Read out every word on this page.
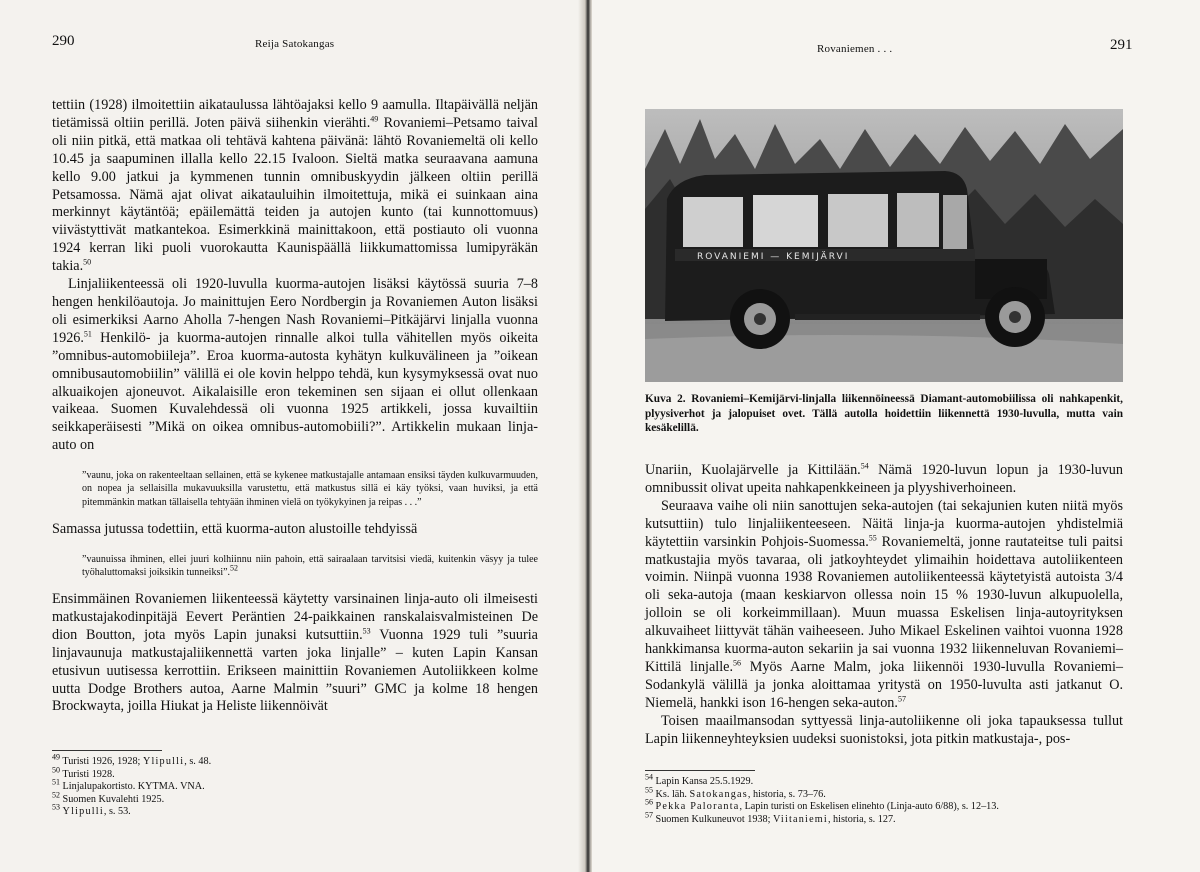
290	Reija Satokangas

tettiin (1928) ilmoitettiin aikataulussa lähtöajaksi kello 9 aamulla. Iltapäivällä neljän tietämissä oltiin perillä. Joten päivä siihenkin vierähti.$^{49}$ Rovaniemi–Petsamo taival oli niin pitkä, että matkaa oli tehtävä kahtena päivänä: lähtö Rovaniemeltä oli kello 10.45 ja saapuminen illalla kello 22.15 Ivaloon. Sieltä matka seuraavana aamuna kello 9.00 jatkui ja kymmenen tunnin omnibuskyydin jälkeen oltiin perillä Petsamossa. Nämä ajat olivat aikatauluihin ilmoitettuja, mikä ei suinkaan aina merkinnyt käytäntöä; epäilemättä teiden ja autojen kunto (tai kunnottomuus) viivästyttivät matkantekoa. Esimerkkinä mainittakoon, että postiauto oli vuonna 1924 kerran liki puoli vuorokautta Kaunispäällä liikkumattomissa lumipyräkän takia.$^{50}$

Linjaliikenteessä oli 1920-luvulla kuorma-autojen lisäksi käytössä suuria 7–8 hengen henkilöautoja. Jo mainittujen Eero Nordbergin ja Rovaniemen Auton lisäksi oli esimerkiksi Aarno Aholla 7-hengen Nash Rovaniemi–Pitkäjärvi linjalla vuonna 1926.51 Henkilö- ja kuorma-autojen rinnalle alkoi tulla vähitellen myös oikeita ”omnibus-automobiileja”. Eroa kuorma-autosta kyhätyn kulkuvälineen ja ”oikean omnibusautomobiilin” välillä ei ole kovin helppo tehdä, kun kysymyksessä ovat nuo alkuaikojen ajoneuvot. Aikalaisille eron tekeminen sen sijaan ei ollut ollenkaan vaikeaa. Suomen Kuvalehdessä oli vuonna 1925 artikkeli, jossa kuvailtiin seikkaperäisesti ”Mikä on oikea omnibus-automobiili?”. Artikkelin mukaan linja-auto on

”vaunu, joka on rakenteeltaan sellainen, että se kykenee matkustajalle antamaan ensiksi täyden kulkuvarmuuden, on nopea ja sellaisilla mukavuuksilla varustettu, että matkustus sillä ei käy työksi, vaan huviksi, ja että pitemmänkin matkan tällaisella tehtyään ihminen vielä on työkykyinen ja reipas . . .”

Samassa jutussa todettiin, että kuorma-auton alustoille tehdyissä

”vaunuissa ihminen, ellei juuri kolhiinnu niin pahoin, että sairaalaan tarvitsisi viedä, kuitenkin väsyy ja tulee työhaluttomaksi joiksikin tunneiksi”.$^{52}$

Ensimmäinen Rovaniemen liikenteessä käytetty varsinainen linja-auto oli ilmeisesti matkustajakodinpitäjä Eevert Peräntien 24-paikkainen ranskalaisvalmisteinen De dion Boutton, jota myös Lapin junaksi kutsuttiin.$^{53}$ Vuonna 1929 tuli ”suuria linjavaunuja matkustajaliikennettä varten joka linjalle” – kuten Lapin Kansan etusivun uutisessa kerrottiin. Erikseen mainittiin Rovaniemen Autoliikkeen kolme uutta Dodge Brothers autoa, Aarne Malmin ”suuri” GMC ja kolme 18 hengen Brockwayta, joilla Hiukat ja Heliste liikennöivät

$^{49}$ Turisti 1926, 1928; Ylipulli, s. 48.
$^{50}$ Turisti 1928.
$^{51}$ Linjalupakortisto. KYTMA. VNA.
$^{52}$ Suomen Kuvalehti 1925.
$^{53}$ Ylipulli, s. 53.
Rovaniemen . . .	291
ROVANIEMI — KEMIJÄRVI
Kuva 2. Rovaniemi–Kemijärvi-linjalla liikennöineessä Diamant-automobiilissa oli nahkapenkit, plyysiverhot ja jalopuiset ovet. Tällä autolla hoidettiin liikennettä 1930-luvulla, mutta vain kesäkelillä.

Unariin, Kuolajärvelle ja Kittilään.$^{54}$ Nämä 1920-luvun lopun ja 1930-luvun omnibussit olivat upeita nahkapenkkeineen ja plyyshiverhoineen.

Seuraava vaihe oli niin sanottujen seka-autojen (tai sekajunien kuten niitä myös kutsuttiin) tulo linjaliikenteeseen. Näitä linja-ja kuorma-autojen yhdistelmiä käytettiin varsinkin Pohjois-Suomessa.$^{55}$ Rovaniemeltä, jonne rautateitse tuli paitsi matkustajia myös tavaraa, oli jatkoyhteydet ylimaihin hoidettava autoliikenteen voimin. Niinpä vuonna 1938 Rovaniemen autoliikenteessä käytetyistä autoista 3/4 oli seka-autoja (maan keskiarvon ollessa noin 15 % 1930-luvun alkupuolella, jolloin se oli korkeimmillaan). Muun muassa Eskelisen linja-autoyrityksen alkuvaiheet liittyvät tähän vaiheeseen. Juho Mikael Eskelinen vaihtoi vuonna 1928 hankkimansa kuorma-auton sekariin ja sai vuonna 1932 liikenneluvan Rovaniemi–Kittilä linjalle.$^{56}$ Myös Aarne Malm, joka liikennöi 1930-luvulla Rovaniemi–Sodankylä välillä ja jonka aloittamaa yritystä on 1950-luvulta asti jatkanut O. Niemelä, hankki ison 16-hengen seka-auton.$^{57}$

Toisen maailmansodan syttyessä linja-autoliikenne oli joka tapauksessa tullut Lapin liikenneyhteyksien uudeksi suonistoksi, jota pitkin matkustaja-, pos-

$^{54}$ Lapin Kansa 25.5.1929.
$^{55}$ Ks. läh. Satokangas, historia, s. 73–76.
$^{56}$ Pekka Paloranta, Lapin turisti on Eskelisen elinehto (Linja-auto 6/88), s. 12–13.
$^{57}$ Suomen Kulkuneuvot 1938; Viitaniemi, historia, s. 127.
